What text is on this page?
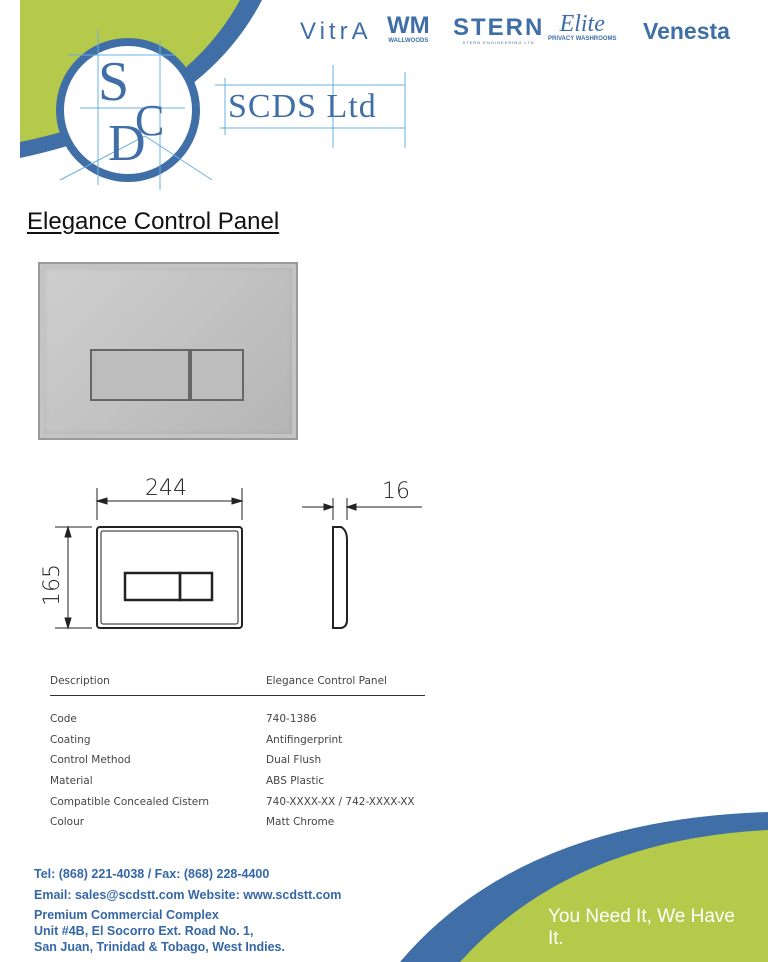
S
D
C SCDS Ltd
VitrA WM
WALLWOODS STERN
STERN ENGINEERING LTD
Elite
PRIVACY WASHROOMS Venesta
Elegance Control Panel
244
165
16
Description	Elegance Control Panel
Code	740-1386
Coating	Antifingerprint
Control Method	Dual Flush
Material	ABS Plastic
Compatible Concealed Cistern	740-XXXX-XX / 742-XXXX-XX
Colour	Matt Chrome
You Need It, We Have It.
Tel: (868) 221-4038 / Fax: (868) 228-4400
Email: sales@scdstt.com Website: www.scdstt.com
Premium Commercial Complex
Unit #4B, El Socorro Ext. Road No. 1,
San Juan, Trinidad & Tobago, West Indies.
